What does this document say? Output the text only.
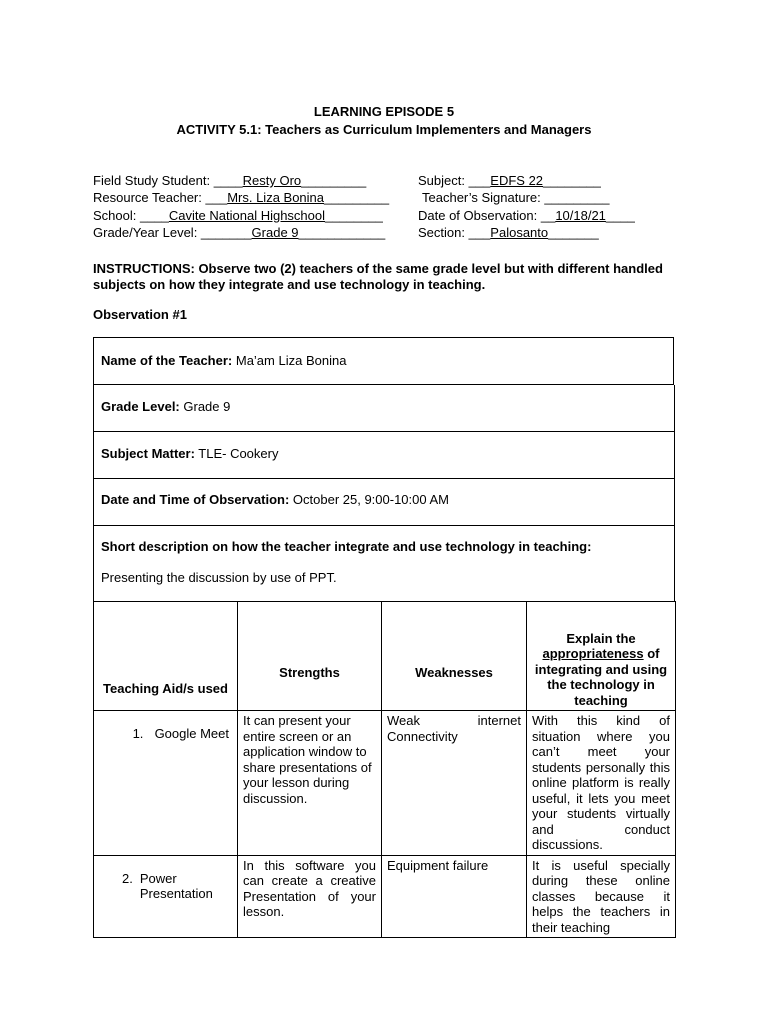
LEARNING EPISODE 5
ACTIVITY 5.1: Teachers as Curriculum Implementers and Managers
Field Study Student: ____Resty Oro_________	Subject: ___EDFS 22________
Resource Teacher: ___Mrs. Liza Bonina_________	Teacher’s Signature: _________
School: ____Cavite National Highschool________	Date of Observation: __10/18/21____
Grade/Year Level: _______Grade 9____________	Section: ___Palosanto_______
INSTRUCTIONS: Observe two (2) teachers of the same grade level but with different handled subjects on how they integrate and use technology in teaching.
Observation #1
Name of the Teacher: Ma’am Liza Bonina
Grade Level: Grade 9
Subject Matter: TLE- Cookery
Date and Time of Observation: October 25, 9:00-10:00 AM
Short description on how the teacher integrate and use technology in teaching:
Presenting the discussion by use of PPT.
Teaching Aid/s used	Strengths	Weaknesses	Explain the
appropriateness of integrating and using the technology in teaching
1. Google Meet	It can present your entire screen or an application window to share presentations of your lesson during discussion.	Weak internet Connectivity	With this kind of situation where you can’t meet your students personally this online platform is really useful, it lets you meet your students virtually and conduct discussions.

2. Power Presentation	In this software you can create a creative Presentation of your lesson.	Equipment failure	It is useful specially during these online classes because it helps the teachers in their teaching
